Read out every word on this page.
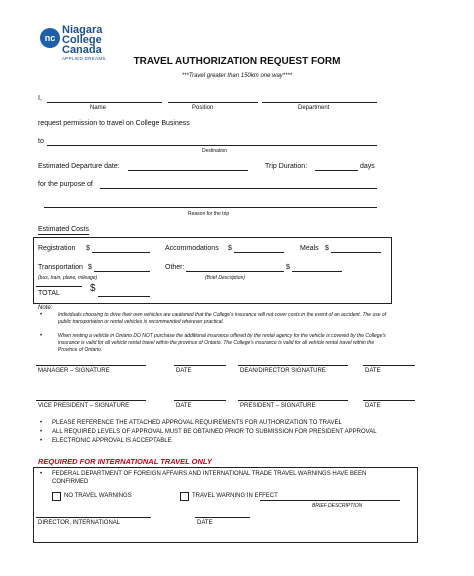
nc
Niagara
College
Canada
APPLIED DREAMS.	TRAVEL AUTHORIZATION REQUEST FORM
***Travel greater than 150km one way****
I,
Name	Position	Department
request permission to travel on College Business
to
Destination
Estimated Departure date:	Trip Duration:	days
for the purpose of
Reason for the trip
Estimated Costs
Registration $	Accommodations $	Meals $
Transportation $
(bus, train, plane, mileage)
Other:
(Brief Description)
$
TOTAL	$
Note:
•	Individuals choosing to drive their own vehicles are cautioned that the College's insurance will not cover costs in the event of an accident. The use of public transportation or rental vehicles is recommended wherever practical.
•	When renting a vehicle in Ontario DO NOT purchase the additional insurance offered by the rental agency for the vehicle is covered by the College's insurance is valid for all vehicle rental travel within the province of Ontario. The College's insurance is valid for all vehicle rental travel within the Province of Ontario.
MANAGER – SIGNATURE	DATE	DEAN/DIRECTOR SIGNATURE	DATE
VICE PRESIDENT – SIGNATURE	DATE	PRESIDENT – SIGNATURE	DATE
• PLEASE REFERENCE THE ATTACHED APPROVAL REQUIREMENTS FOR AUTHORIZATION TO TRAVEL
• ALL REQUIRED LEVELS OF APPROVAL MUST BE OBTAINED PRIOR TO SUBMISSION FOR PRESIDENT APPROVAL
• ELECTRONIC APPROVAL IS ACCEPTABLE
REQUIRED FOR INTERNATIONAL TRAVEL ONLY
• FEDERAL DEPARTMENT OF FOREIGN AFFAIRS AND INTERNATIONAL TRADE TRAVEL WARNINGS HAVE BEEN
CONFIRMED
NO TRAVEL WARNINGS	TRAVEL WARNING IN EFFECT
BRIEF DESCRIPTION
DIRECTOR, INTERNATIONAL	DATE
